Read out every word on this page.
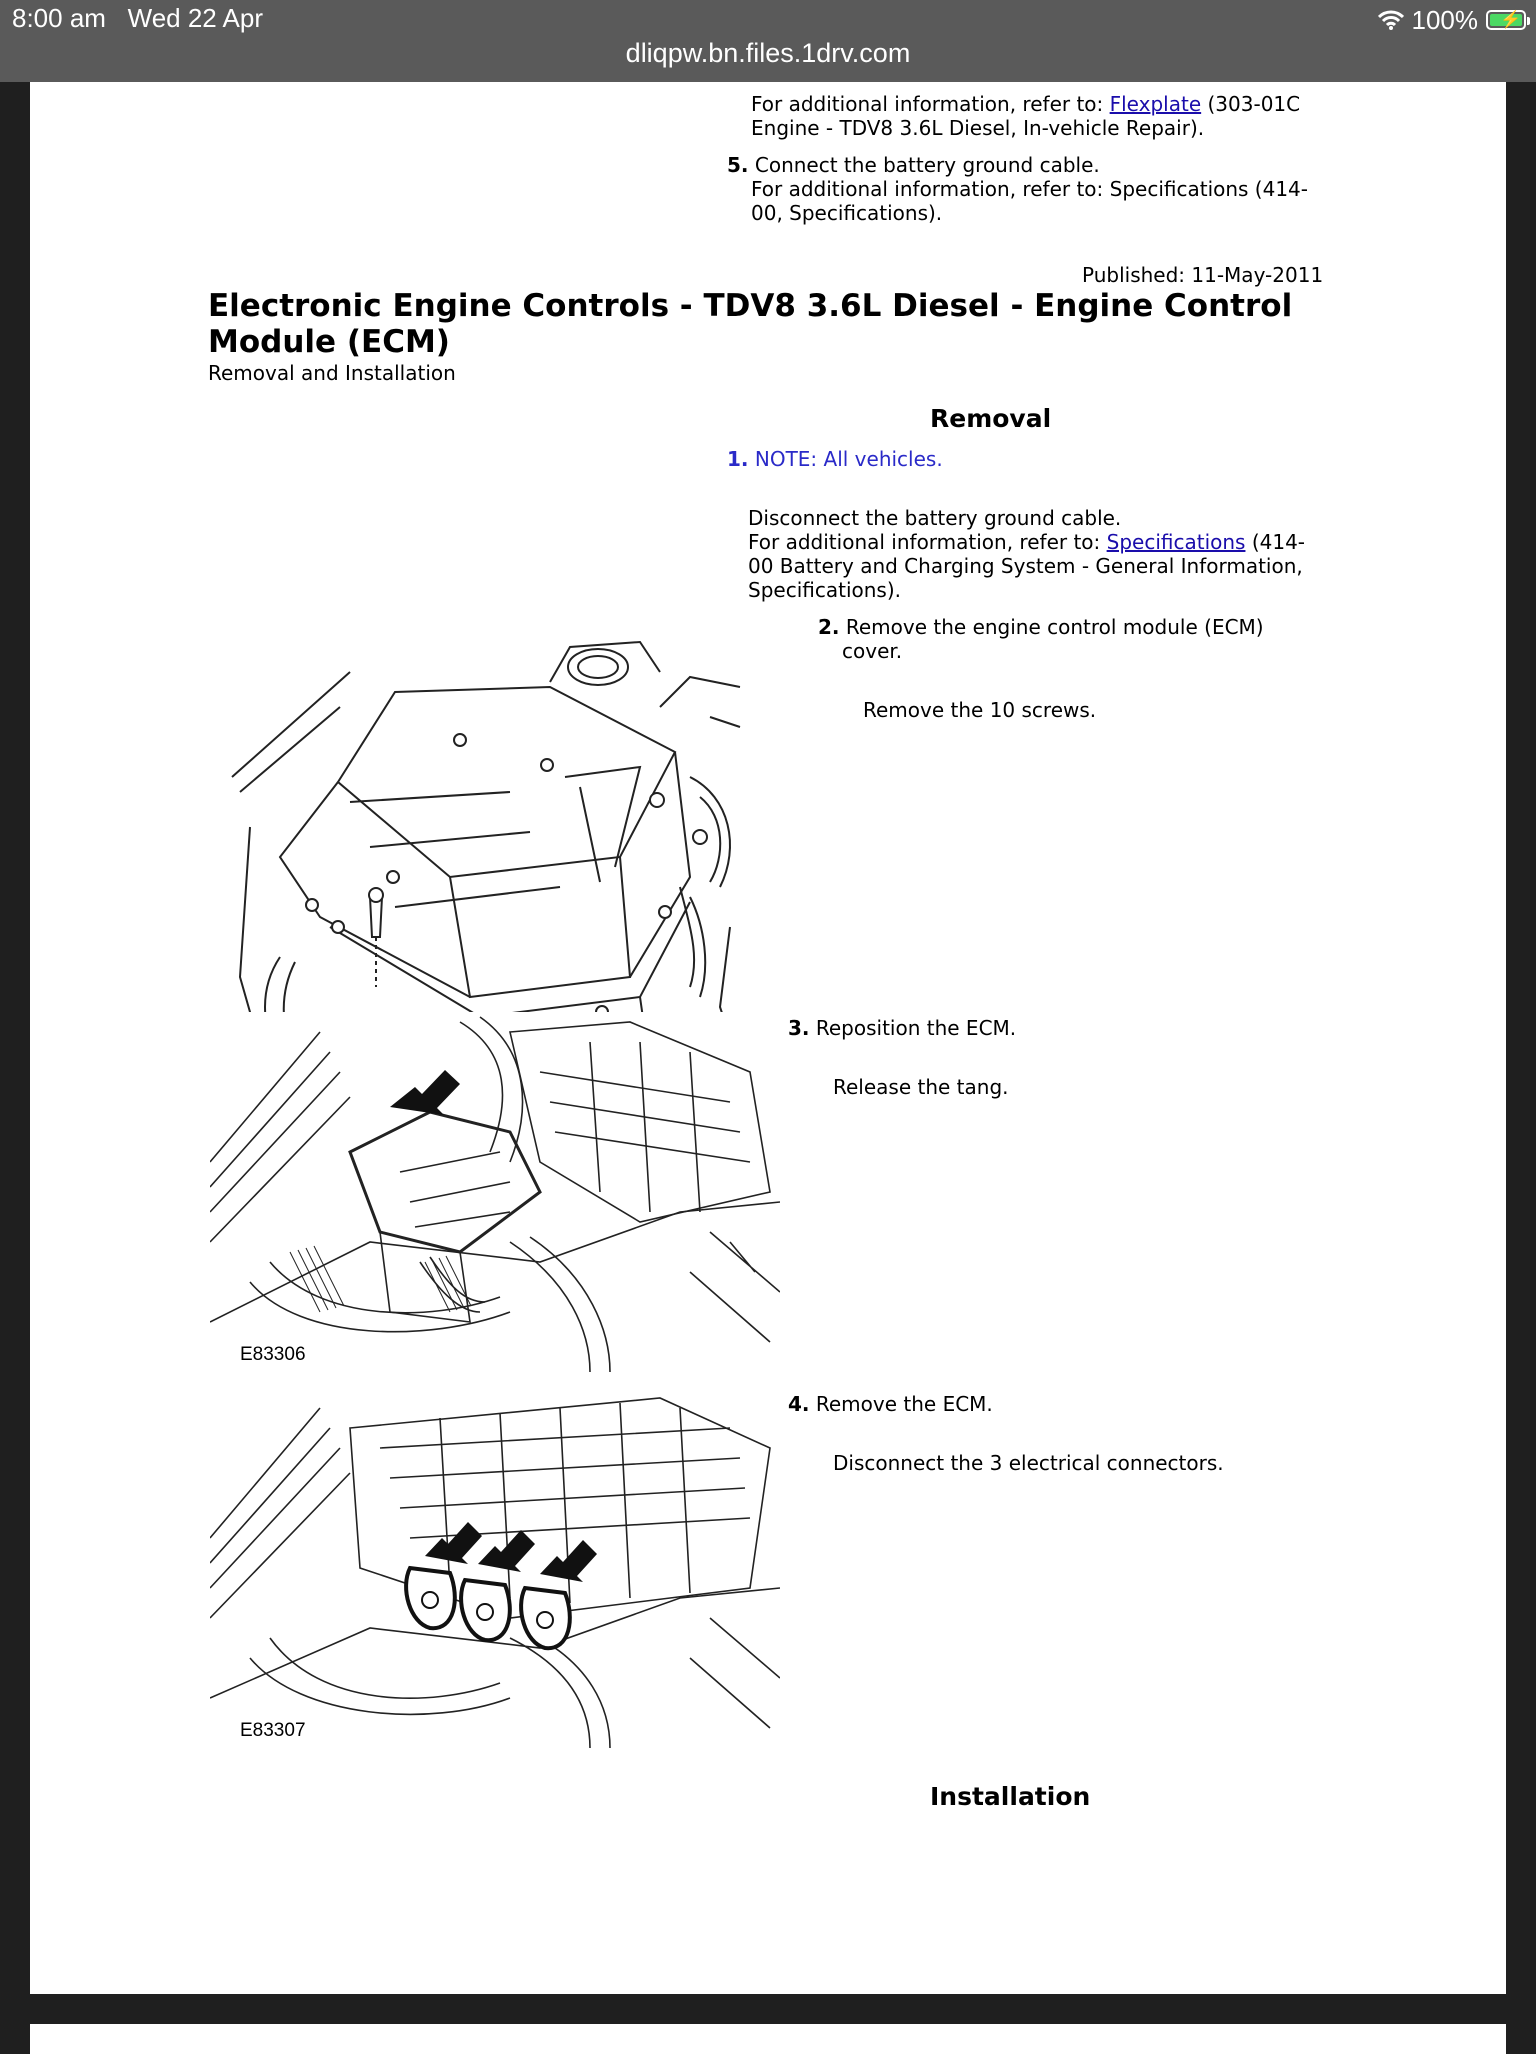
8:00 am Wed 22 Apr	100% ⚡
dliqpw.bn.files.1drv.com
For additional information, refer to: Flexplate (303-01C
Engine - TDV8 3.6L Diesel, In-vehicle Repair).
5. Connect the battery ground cable.
For additional information, refer to: Specifications (414-
00, Specifications).
Published: 11-May-2011
Electronic Engine Controls - TDV8 3.6L Diesel - Engine Control Module (ECM)
Removal and Installation
Removal
1. NOTE: All vehicles.
Disconnect the battery ground cable.
For additional information, refer to: Specifications (414-
00 Battery and Charging System - General Information,
Specifications).
2. Remove the engine control module (ECM)
cover.
Remove the 10 screws.
3. Reposition the ECM.
Release the tang.
E83306
4. Remove the ECM.
Disconnect the 3 electrical connectors.
E83307
Installation
